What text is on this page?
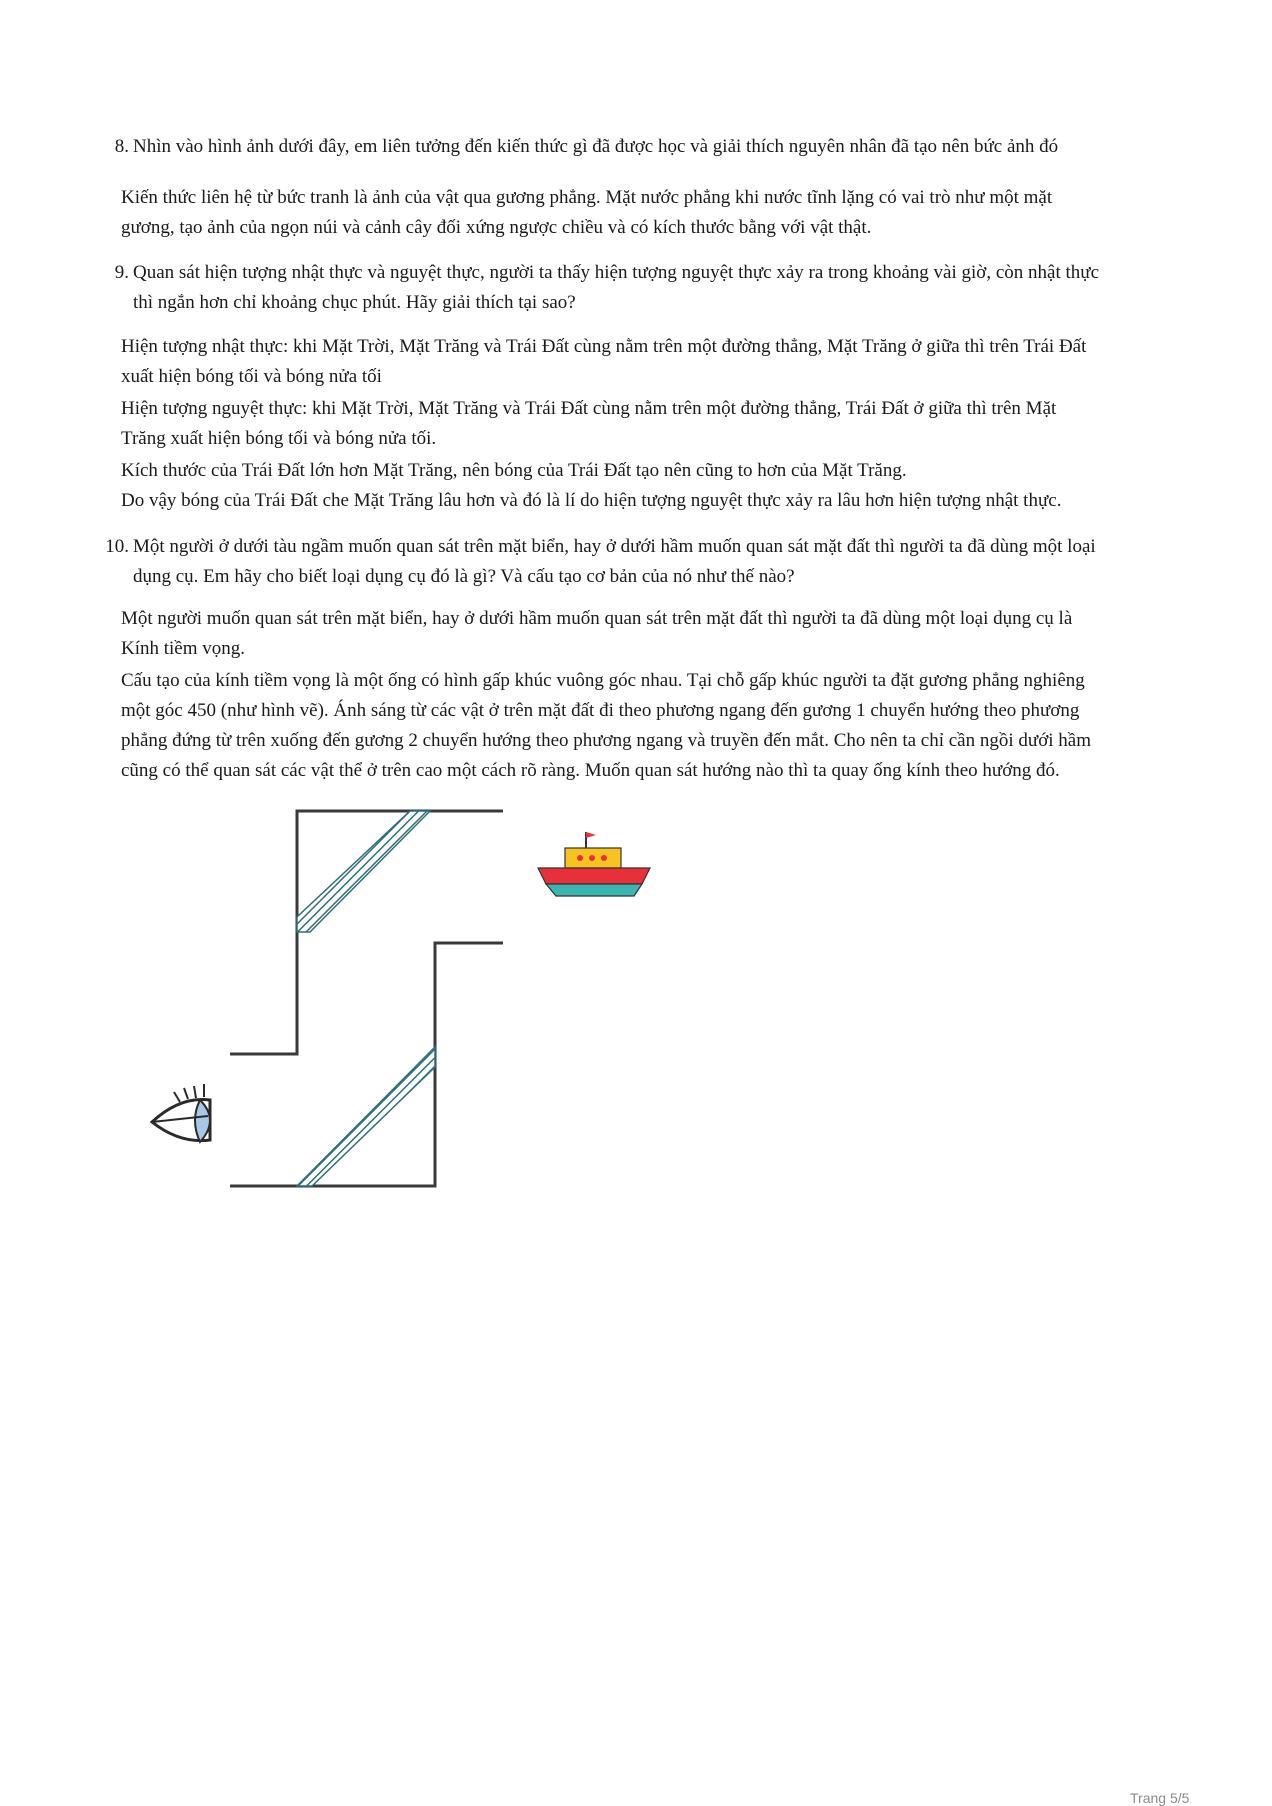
8. Nhìn vào hình ảnh dưới đây, em liên tưởng đến kiến thức gì đã được học và giải thích nguyên nhân đã tạo nên bức ảnh đó
Kiến thức liên hệ từ bức tranh là ảnh của vật qua gương phẳng. Mặt nước phẳng khi nước tĩnh lặng có vai trò như một mặt
gương, tạo ảnh của ngọn núi và cảnh cây đối xứng ngược chiều và có kích thước bằng với vật thật.
9. Quan sát hiện tượng nhật thực và nguyệt thực, người ta thấy hiện tượng nguyệt thực xảy ra trong khoảng vài giờ, còn nhật thực
thì ngắn hơn chỉ khoảng chục phút. Hãy giải thích tại sao?
Hiện tượng nhật thực: khi Mặt Trời, Mặt Trăng và Trái Đất cùng nằm trên một đường thẳng, Mặt Trăng ở giữa thì trên Trái Đất
xuất hiện bóng tối và bóng nửa tối
Hiện tượng nguyệt thực: khi Mặt Trời, Mặt Trăng và Trái Đất cùng nằm trên một đường thẳng, Trái Đất ở giữa thì trên Mặt
Trăng xuất hiện bóng tối và bóng nửa tối.
Kích thước của Trái Đất lớn hơn Mặt Trăng, nên bóng của Trái Đất tạo nên cũng to hơn của Mặt Trăng.
Do vậy bóng của Trái Đất che Mặt Trăng lâu hơn và đó là lí do hiện tượng nguyệt thực xảy ra lâu hơn hiện tượng nhật thực.
10. Một người ở dưới tàu ngầm muốn quan sát trên mặt biển, hay ở dưới hầm muốn quan sát mặt đất thì người ta đã dùng một loại
dụng cụ. Em hãy cho biết loại dụng cụ đó là gì? Và cấu tạo cơ bản của nó như thế nào?
Một người muốn quan sát trên mặt biển, hay ở dưới hầm muốn quan sát trên mặt đất thì người ta đã dùng một loại dụng cụ là
Kính tiềm vọng.
Cấu tạo của kính tiềm vọng là một ống có hình gấp khúc vuông góc nhau. Tại chỗ gấp khúc người ta đặt gương phẳng nghiêng
một góc 450 (như hình vẽ). Ánh sáng từ các vật ở trên mặt đất đi theo phương ngang đến gương 1 chuyển hướng theo phương
phẳng đứng từ trên xuống đến gương 2 chuyển hướng theo phương ngang và truyền đến mắt. Cho nên ta chỉ cần ngồi dưới hầm
cũng có thể quan sát các vật thể ở trên cao một cách rõ ràng. Muốn quan sát hướng nào thì ta quay ống kính theo hướng đó.
Trang 5/5
